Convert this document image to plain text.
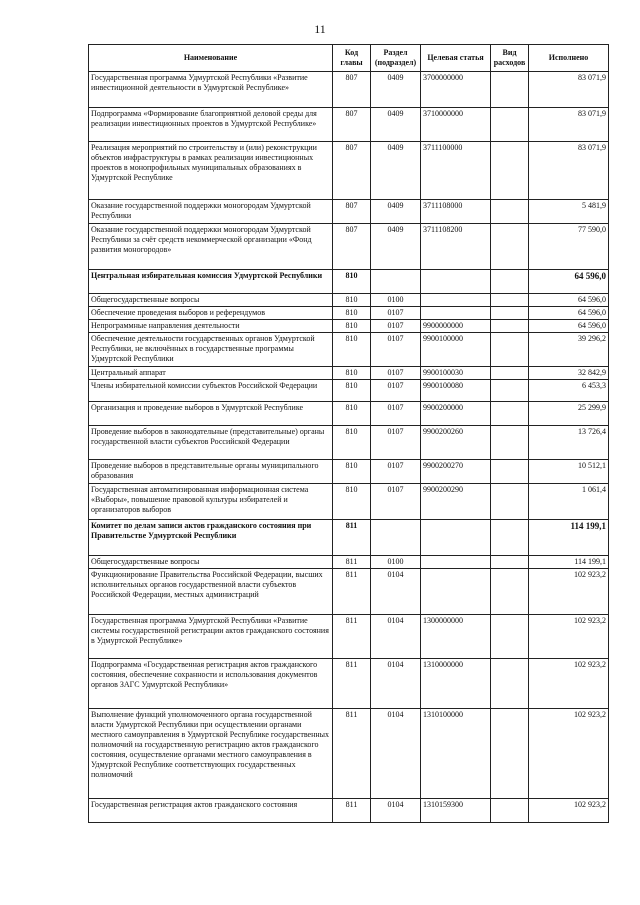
11
Наименование	Код главы	Раздел (подраздел)	Целевая статья	Вид расходов	Исполнено
Государственная программа Удмуртской Республики «Развитие инвестиционной деятельности в Удмуртской Республике»	807	0409	3700000000		83 071,9
Подпрограмма «Формирование благоприятной деловой среды для реализации инвестиционных проектов в Удмуртской Республике»	807	0409	3710000000		83 071,9
Реализация мероприятий по строительству и (или) реконструкции объектов инфраструктуры в рамках реализации инвестиционных проектов в монопрофильных муниципальных образованиях в Удмуртской Республике	807	0409	3711100000		83 071,9
Оказание государственной поддержки моногородам Удмуртской Республики	807	0409	3711108000		5 481,9
Оказание государственной поддержки моногородам Удмуртской Республики за счёт средств некоммерческой организации «Фонд развития моногородов»	807	0409	3711108200		77 590,0
Центральная избирательная комиссия Удмуртской Республики	810				64 596,0
Общегосударственные вопросы	810	0100			64 596,0
Обеспечение проведения выборов и референдумов	810	0107			64 596,0
Непрограммные направления деятельности	810	0107	9900000000		64 596,0
Обеспечение деятельности государственных органов Удмуртской Республики, не включённых в государственные программы Удмуртской Республики	810	0107	9900100000		39 296,2
Центральный аппарат	810	0107	9900100030		32 842,9
Члены избирательной комиссии субъектов Российской Федерации	810	0107	9900100080		6 453,3
Организация и проведение выборов в Удмуртской Республике	810	0107	9900200000		25 299,9
Проведение выборов в законодательные (представительные) органы государственной власти субъектов Российской Федерации	810	0107	9900200260		13 726,4
Проведение выборов в представительные органы муниципального образования	810	0107	9900200270		10 512,1
Государственная автоматизированная информационная система «Выборы», повышение правовой культуры избирателей и организаторов выборов	810	0107	9900200290		1 061,4
Комитет по делам записи актов гражданского состояния при Правительстве Удмуртской Республики	811				114 199,1
Общегосударственные вопросы	811	0100			114 199,1
Функционирование Правительства Российской Федерации, высших исполнительных органов государственной власти субъектов Российской Федерации, местных администраций	811	0104			102 923,2
Государственная программа Удмуртской Республики «Развитие системы государственной регистрации актов гражданского состояния в Удмуртской Республике»	811	0104	1300000000		102 923,2
Подпрограмма «Государственная регистрация актов гражданского состояния, обеспечение сохранности и использования документов органов ЗАГС Удмуртской Республики»	811	0104	1310000000		102 923,2
Выполнение функций уполномоченного органа государственной власти Удмуртской Республики при осуществлении органами местного самоуправления в Удмуртской Республике государственных полномочий на государственную регистрацию актов гражданского состояния, осуществление органами местного самоуправления в Удмуртской Республике соответствующих государственных полномочий	811	0104	1310100000		102 923,2
Государственная регистрация актов гражданского состояния	811	0104	1310159300		102 923,2
